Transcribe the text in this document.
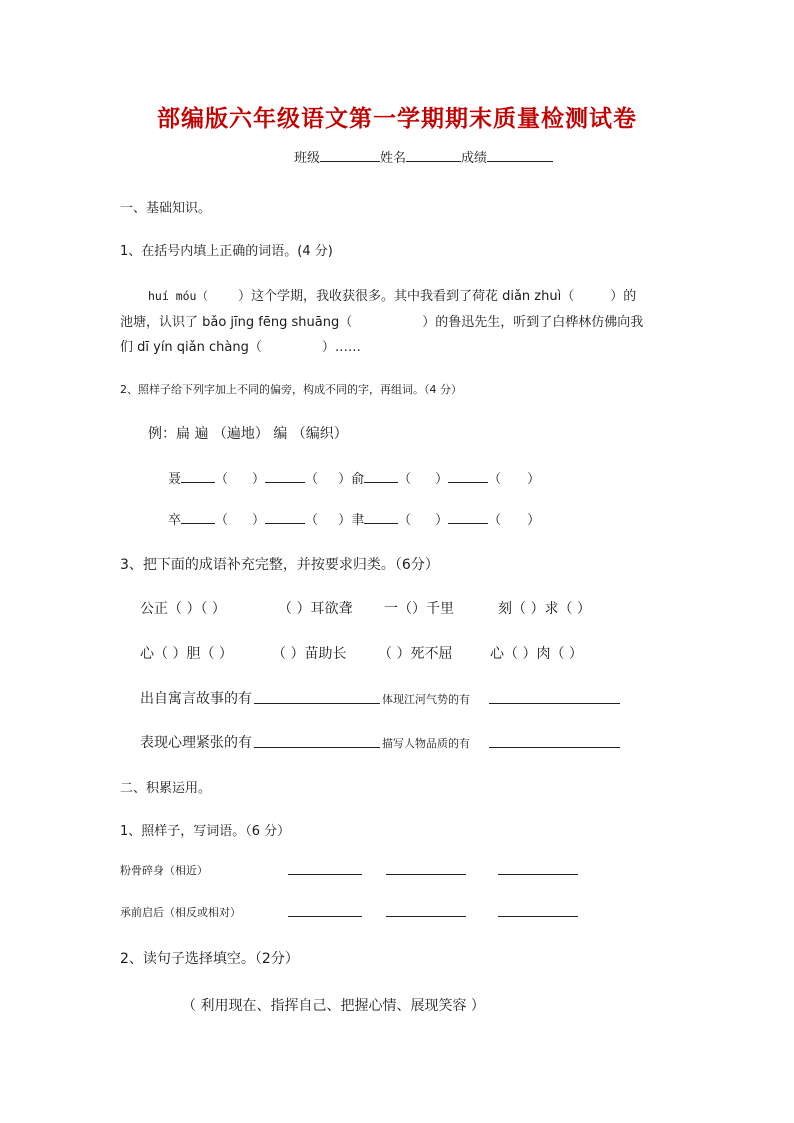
部编版六年级语文第一学期期末质量检测试卷
班级	姓名	成绩
一、基础知识。
1、在括号内填上正确的词语。(4 分)
huí móu（ ）这个学期，我收获很多。其中我看到了荷花 diǎn zhuì（	）的
池塘，认识了 bǎo jīng fēng shuāng（	）的鲁迅先生，听到了白桦林仿佛向我
们 dī yín qiǎn chàng（	）……
2、照样子给下列字加上不同的偏旁，构成不同的字，再组词。（4 分）
例：扁 遍 （遍地） 编 （编织）
聂	（ ）	（ ）俞	（ ）	（ ）
卒	（ ）	（ ）聿	（ ）	（ ）
3、把下面的成语补充完整，并按要求归类。（6分）
公正（ ）（ ）	（ ）耳欲聋 一（）千里	刻（ ）求（ ）
心（ ）胆（ ）	（ ）苗助长 （ ）死不屈	心（ ）肉（ ）
出自寓言故事的有	体现江河气势的有
表现心理紧张的有	描写人物品质的有
二、积累运用。
1、照样子，写词语。（6 分）
粉骨碎身（相近）
承前启后（相反或相对）
2、读句子选择填空。（2分）
（ 利用现在、指挥自己、把握心情、展现笑容 ）
